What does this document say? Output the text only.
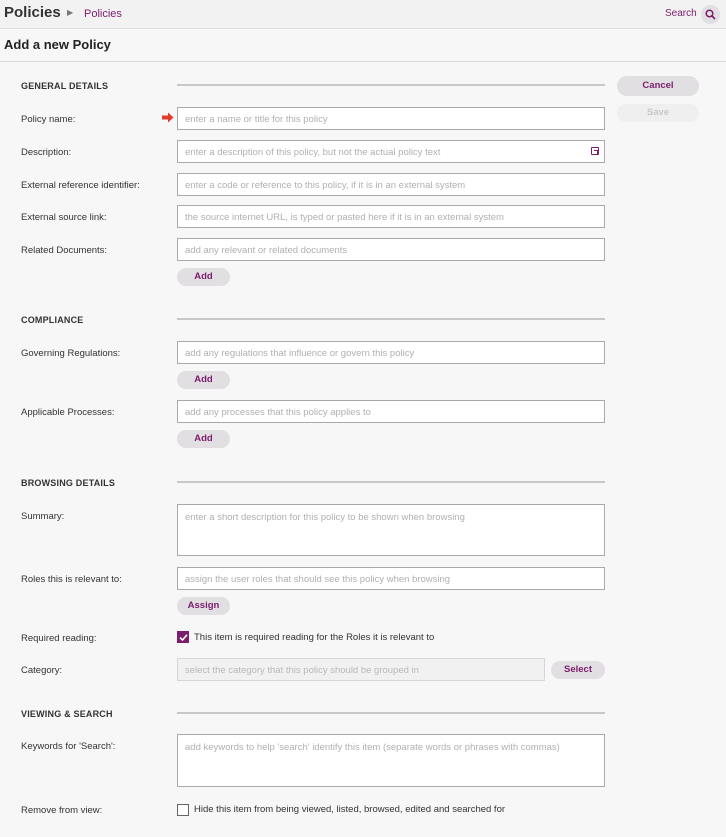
Policies ▶ Policies	Search
Add a new Policy
Cancel
Save
GENERAL DETAILS
Policy name:	enter a name or title for this policy
Description:	enter a description of this policy, but not the actual policy text
External reference identifier:	enter a code or reference to this policy, if it is in an external system
External source link:	the source internet URL, is typed or pasted here if it is in an external system
Related Documents:	add any relevant or related documents
Add
COMPLIANCE
Governing Regulations:	add any regulations that influence or govern this policy
Add
Applicable Processes:	add any processes that this policy applies to
Add
BROWSING DETAILS
Summary:	enter a short description for this policy to be shown when browsing
Roles this is relevant to:	assign the user roles that should see this policy when browsing
Assign
Required reading:	This item is required reading for the Roles it is relevant to
Category:	select the category that this policy should be grouped in	Select
VIEWING & SEARCH
Keywords for 'Search':	add keywords to help 'search' identify this item (separate words or phrases with commas)
Remove from view:	Hide this item from being viewed, listed, browsed, edited and searched for
